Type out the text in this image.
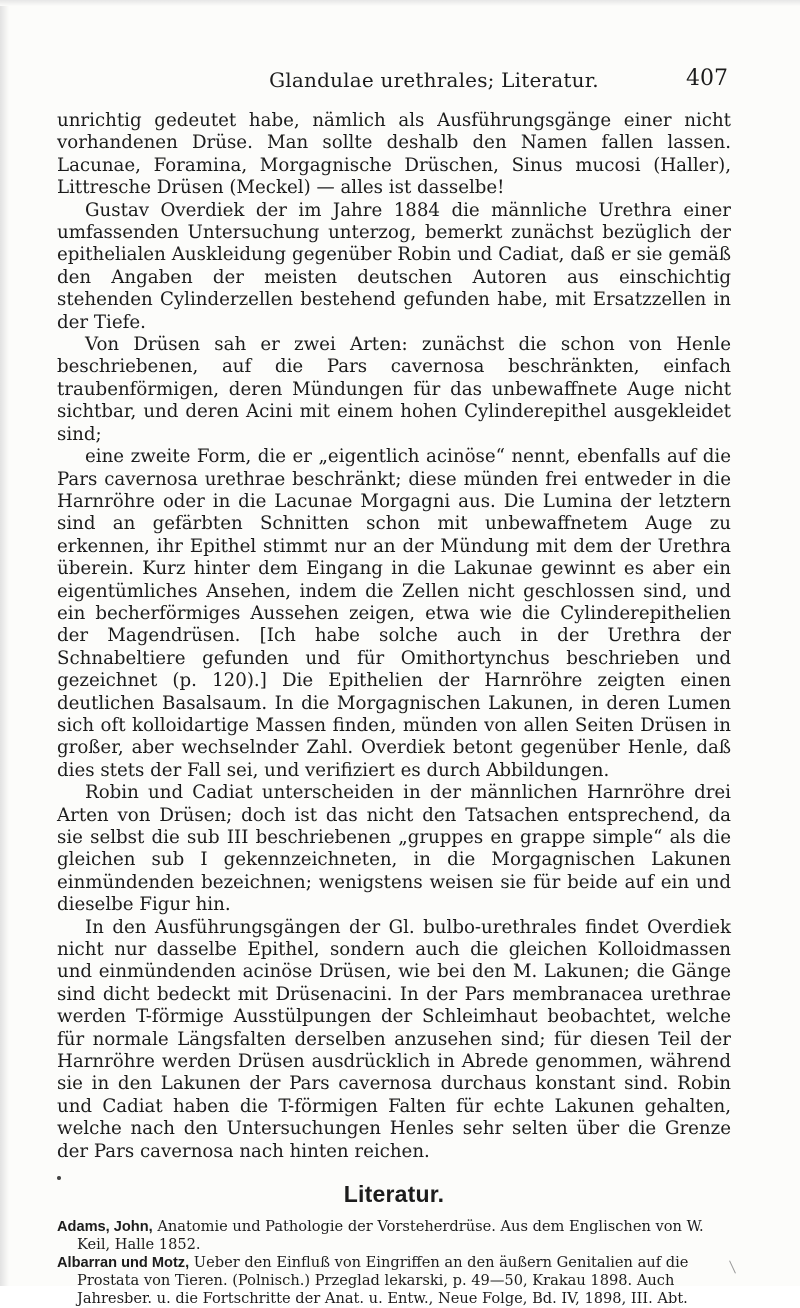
Glandulae urethrales; Literatur.	407

unrichtig gedeutet habe, nämlich als Ausführungsgänge einer nicht vorhandenen Drüse. Man sollte deshalb den Namen fallen lassen. Lacunae, Foramina, Morgagnische Drüschen, Sinus mucosi (Haller), Littresche Drüsen (Meckel) — alles ist dasselbe!

Gustav Overdiek der im Jahre 1884 die männliche Urethra einer umfassenden Untersuchung unterzog, bemerkt zunächst bezüglich der epithelialen Auskleidung gegenüber Robin und Cadiat, daß er sie gemäß den Angaben der meisten deutschen Autoren aus einschichtig stehenden Cylinderzellen bestehend gefunden habe, mit Ersatzzellen in der Tiefe.

Von Drüsen sah er zwei Arten: zunächst die schon von Henle beschriebenen, auf die Pars cavernosa beschränkten, einfach traubenförmigen, deren Mündungen für das unbewaffnete Auge nicht sichtbar, und deren Acini mit einem hohen Cylinderepithel ausgekleidet sind;

eine zweite Form, die er „eigentlich acinöse“ nennt, ebenfalls auf die Pars cavernosa urethrae beschränkt; diese münden frei entweder in die Harnröhre oder in die Lacunae Morgagni aus. Die Lumina der letztern sind an gefärbten Schnitten schon mit unbewaffnetem Auge zu erkennen, ihr Epithel stimmt nur an der Mündung mit dem der Urethra überein. Kurz hinter dem Eingang in die Lakunae gewinnt es aber ein eigentümliches Ansehen, indem die Zellen nicht geschlossen sind, und ein becherförmiges Aussehen zeigen, etwa wie die Cylinderepithelien der Magendrüsen. [Ich habe solche auch in der Urethra der Schnabeltiere gefunden und für Omithortynchus beschrieben und gezeichnet (p. 120).] Die Epithelien der Harnröhre zeigten einen deutlichen Basalsaum. In die Morgagnischen Lakunen, in deren Lumen sich oft kolloidartige Massen finden, münden von allen Seiten Drüsen in großer, aber wechselnder Zahl. Overdiek betont gegenüber Henle, daß dies stets der Fall sei, und verifiziert es durch Abbildungen.

Robin und Cadiat unterscheiden in der männlichen Harnröhre drei Arten von Drüsen; doch ist das nicht den Tatsachen entsprechend, da sie selbst die sub III beschriebenen „gruppes en grappe simple“ als die gleichen sub I gekennzeichneten, in die Morgagnischen Lakunen einmündenden bezeichnen; wenigstens weisen sie für beide auf ein und dieselbe Figur hin.

In den Ausführungsgängen der Gl. bulbo-urethrales findet Overdiek nicht nur dasselbe Epithel, sondern auch die gleichen Kolloidmassen und einmündenden acinöse Drüsen, wie bei den M. Lakunen; die Gänge sind dicht bedeckt mit Drüsenacini. In der Pars membranacea urethrae werden T-förmige Ausstülpungen der Schleimhaut beobachtet, welche für normale Längsfalten derselben anzusehen sind; für diesen Teil der Harnröhre werden Drüsen ausdrücklich in Abrede genommen, während sie in den Lakunen der Pars cavernosa durchaus konstant sind. Robin und Cadiat haben die T-förmigen Falten für echte Lakunen gehalten, welche nach den Untersuchungen Henles sehr selten über die Grenze der Pars cavernosa nach hinten reichen.

Literatur.

Adams, John, Anatomie und Pathologie der Vorsteherdrüse. Aus dem Englischen von W. Keil, Halle 1852.

Albarran und Motz, Ueber den Einfluß von Eingriffen an den äußern Genitalien auf die Prostata von Tieren. (Polnisch.) Przeglad lekarski, p. 49—50, Krakau 1898. Auch Jahresber. u. die Fortschritte der Anat. u. Entw., Neue Folge, Bd. IV, 1898, III. Abt.
